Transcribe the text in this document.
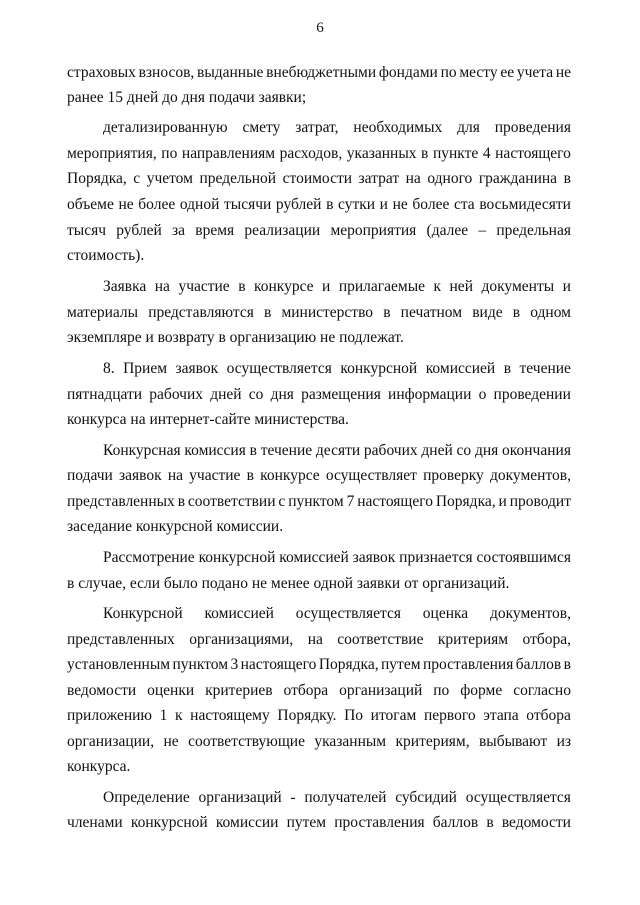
6
страховых взносов, выданные внебюджетными фондами по месту ее учета не
ранее 15 дней до дня подачи заявки;
детализированную смету затрат, необходимых для проведения
мероприятия, по направлениям расходов, указанных в пункте 4 настоящего
Порядка, с учетом предельной стоимости затрат на одного гражданина в
объеме не более одной тысячи рублей в сутки и не более ста восьмидесяти
тысяч рублей за время реализации мероприятия (далее – предельная
стоимость).
Заявка на участие в конкурсе и прилагаемые к ней документы и
материалы представляются в министерство в печатном виде в одном
экземпляре и возврату в организацию не подлежат.
8. Прием заявок осуществляется конкурсной комиссией в течение
пятнадцати рабочих дней со дня размещения информации о проведении
конкурса на интернет-сайте министерства.
Конкурсная комиссия в течение десяти рабочих дней со дня окончания
подачи заявок на участие в конкурсе осуществляет проверку документов,
представленных в соответствии с пунктом 7 настоящего Порядка, и проводит
заседание конкурсной комиссии.
Рассмотрение конкурсной комиссией заявок признается состоявшимся
в случае, если было подано не менее одной заявки от организаций.
Конкурсной комиссией осуществляется оценка документов,
представленных организациями, на соответствие критериям отбора,
установленным пунктом 3 настоящего Порядка, путем проставления баллов в
ведомости оценки критериев отбора организаций по форме согласно
приложению 1 к настоящему Порядку. По итогам первого этапа отбора
организации, не соответствующие указанным критериям, выбывают из
конкурса.
Определение организаций - получателей субсидий осуществляется
членами конкурсной комиссии путем проставления баллов в ведомости
